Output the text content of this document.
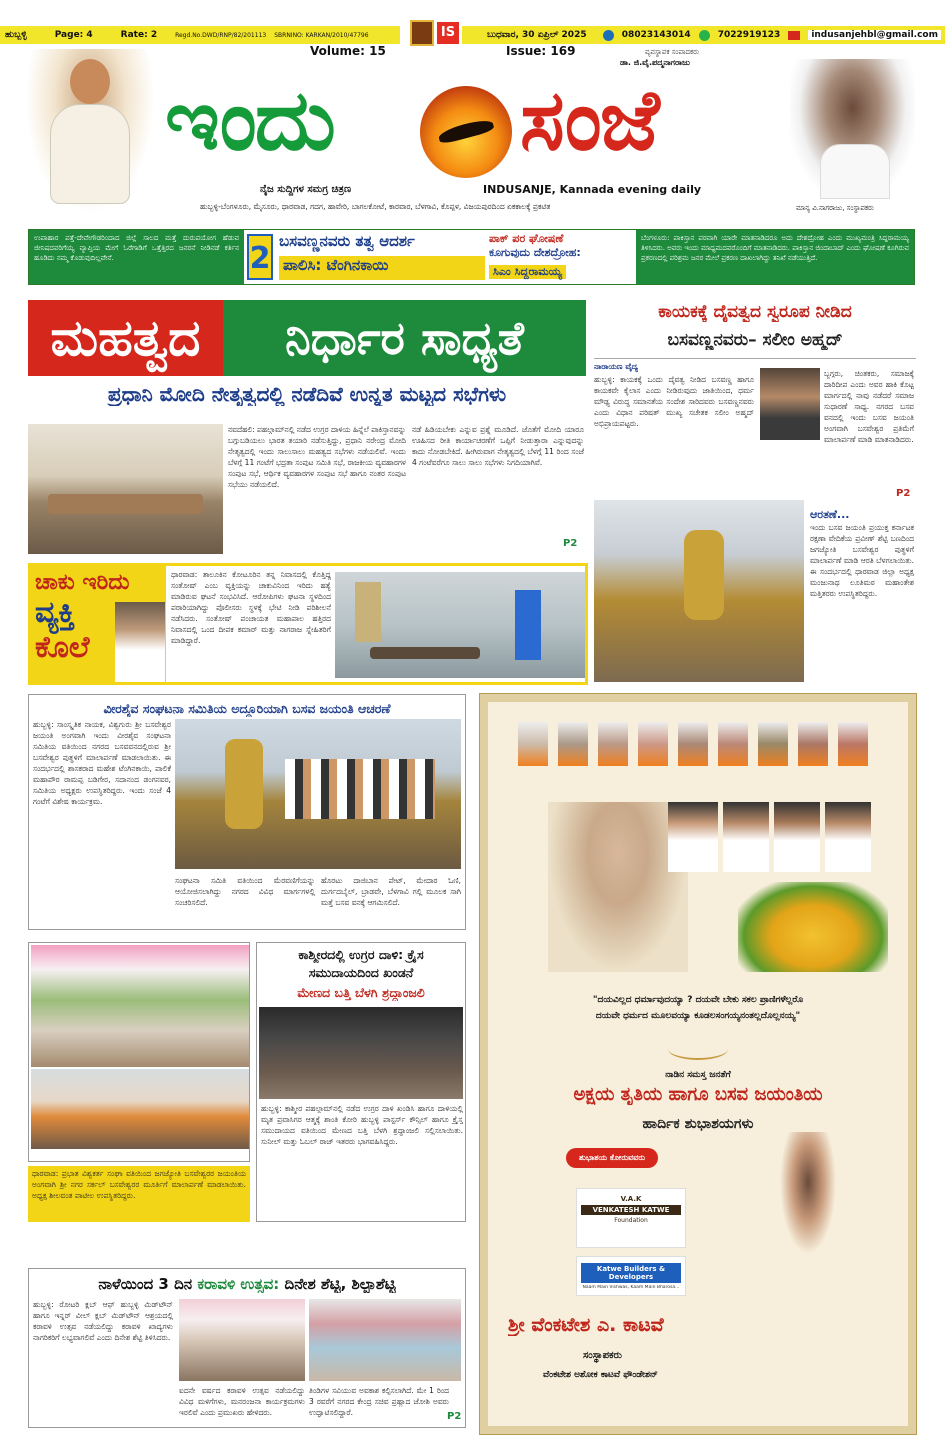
ಹುಬ್ಬಳ್ಳಿ	Page: 4	Rate: 2	Regd.No.DWD/RNP/82/201113 SBRNINO: KARKAN/2010/47796	IS	ಬುಧವಾರ, 30 ಏಪ್ರಿಲ್ 2025	08023143014	7022919123	indusanjehbl@gmail.com
Volume: 15	Issue: 169	ವ್ಯವಸ್ಥಾಪಕ ಸಂಪಾದಕರು
ಡಾ. ಜಿ.ವೈ.ಪದ್ಮನಾಗರಾಜು
ಇಂದು ಸಂಜೆ
ನೈಜ ಸುದ್ದಿಗಳ ಸಮಗ್ರ ಚಿತ್ರಣ	INDUSANJE, Kannada evening daily
ಹುಬ್ಬಳ್ಳಿ-ಬೆಂಗಳೂರು, ಮೈಸೂರು, ಧಾರವಾಡ, ಗದಗ, ಹಾವೇರಿ, ಬಾಗಲಕೋಟೆ, ಕಾರವಾರ, ಬೆಳಗಾವಿ, ಕೊಪ್ಪಳ, ವಿಜಯಪುರದಿಂದ ಏಕಕಾಲಕ್ಕೆ ಪ್ರಕಟಿತ	ಮಾನ್ಯ ವಿ.ನಾಗರಾಜು, ಸಂಸ್ಥಾಪಕರು
ಉಪಾಹಾರ ಪತ್ತೆ-ದೇವೇಗೌಡರಿಂದಾದ ಜಿಲ್ಲೆ ಸಾಲದ ಮತ್ತೆ ದುರುಪಯೋಗ ಹೆಡುವ ಜೀನಿಷದವರಿಗೆಯ್ಯ ವ್ಯಾಪ್ತಿಯ ಮೇಗೆ ಓರೆಗಾಡಿಗೆ ಒತ್ತೆತ್ತಿರದ ಜನರನೆ ನೀಡಿನಡೆ ಕರ್ತಿನ ಹೂಡಿದು ನಮ್ಮ ಕೊಡುವುದಿಲ್ಲವೇನೆ.	2 ಬಸವಣ್ಣನವರು ತತ್ವ ಆದರ್ಶ
ಪಾಲಿಸಿ: ಟೆಂಗಿನಕಾಯಿ
ಪಾಕ್ ಪರ ಘೋಷಣೆ
ಕೂಗುವುದು ದೇಶದ್ರೋಹ:
ಸಿಎಂ ಸಿದ್ದರಾಮಯ್ಯ
ಬೆಂಗಳೂರು: ಪಾಕಿಸ್ತಾನ ಪರವಾಗಿ ಯಾರೇ ಮಾತನಾಡಿದರೂ ಅದು ದೇಶದ್ರೋಹ ಎಂದು ಮುಖ್ಯಮಂತ್ರಿ ಸಿದ್ದರಾಮಯ್ಯ ತಿಳಿಸಿದರು. ಅವರು ಇಂದು ಮಾಧ್ಯಮದವರೊಂದಿಗೆ ಮಾತನಾಡಿದರು. ಪಾಕಿಸ್ತಾನ ಜಿಂದಾಬಾದ್ ಎಂದು ಘೋಷಣೆ ಕೂಗಿರುವ ಪ್ರಕರಣದಲ್ಲಿ ಪರಿಶ್ರಮ ಜನರ ಮೇಲೆ ಪ್ರಕರಣ ದಾಖಲಾಗಿದ್ದು ತನಿಖೆ ನಡೆಯುತ್ತಿದೆ.
ಮಹತ್ವದ	ನಿರ್ಧಾರ ಸಾಧ್ಯತೆ
ಪ್ರಧಾನಿ ಮೋದಿ ನೇತೃತ್ವದಲ್ಲಿ ನಡೆದಿವೆ ಉನ್ನತ ಮಟ್ಟದ ಸಭೆಗಳು
ನವದೆಹಲಿ: ಪಹಲ್ಗಾಮ್‌ನಲ್ಲಿ ನಡೆದ ಉಗ್ರರ ದಾಳಿಯ ಹಿನ್ನೆಲೆ ಪಾಕಿಸ್ತಾನವನ್ನು ಬಗ್ಗುಬಡಿಯಲು ಭಾರತ ತಯಾರಿ ನಡೆಸುತ್ತಿದ್ದು, ಪ್ರಧಾನಿ ನರೇಂದ್ರ ಮೋದಿ ನೇತೃತ್ವದಲ್ಲಿ ಇಂದು ಸಾಲುಸಾಲು ಮಹತ್ವದ ಸಭೆಗಳು ನಡೆಯಲಿವೆ. ಇಂದು ಬೆಳಗ್ಗೆ 11 ಗಂಟೆಗೆ ಭದ್ರತಾ ಸಂಪುಟ ಸಮಿತಿ ಸಭೆ, ರಾಜಕೀಯ ವ್ಯವಹಾರಗಳ ಸಂಪುಟ ಸಭೆ, ಆರ್ಥಿಕ ವ್ಯವಹಾರಗಳ ಸಂಪುಟ ಸಭೆ ಹಾಗೂ ನಂತರ ಸಂಪುಟ ಸಭೆಯು ನಡೆಯಲಿದೆ.
ನಡೆ ಹಿಡಿಯಬೇಕು ಎನ್ನುವ ಪ್ರಶ್ನೆ ಮೂಡಿದೆ. ಜೊತೆಗೆ ಮೋದಿ ಯಾರೂ ಊಹಿಸದ ರೀತಿ ಕಾರ್ಯಾಚರಣೆಗೆ ಒಪ್ಪಿಗೆ ನೀಡುತ್ತಾರಾ ಎನ್ನುವುದನ್ನು ಕಾದು ನೋಡಬೇಕಿದೆ. ಹೀಗಿರುವಾಗ ನೇತೃತ್ವದಲ್ಲಿ ಬೆಳಗ್ಗೆ 11 ರಿಂದ ಸಂಜೆ 4 ಗಂಟೆವರೆಗೂ ಸಾಲು ಸಾಲು ಸಭೆಗಳು ನಿಗದಿಯಾಗಿವೆ.
P2
ಚಾಕು ಇರಿದು
ವ್ಯಕ್ತಿ
ಕೊಲೆ
ಧಾರವಾಡ: ತಾಲೂಕಿನ ಕೋಟೂರಿನ ತನ್ನ ನಿವಾಸದಲ್ಲಿ ಕೊತ್ತಿದ್ದ ಸಂತೋಷ್ ಎಂಬ ವ್ಯಕ್ತಿಯನ್ನು ಚಾಕುವಿನಿಂದ ಇರಿದು ಹತ್ಯೆ ಮಾಡಿರುವ ಘಟನೆ ಸಂಭವಿಸಿದೆ. ಆರೋಪಿಗಳು ಘಟನಾ ಸ್ಥಳದಿಂದ ಪರಾರಿಯಾಗಿದ್ದು ಪೊಲೀಸರು ಸ್ಥಳಕ್ಕೆ ಭೇಟಿ ನೀಡಿ ಪರಿಶೀಲನೆ ನಡೆಸಿದರು. ಸಂತೋಷ್ ಪಂಚಾಯತ ಮಹಾಪಾಲ ಹತ್ತಿರದ ನಿವಾಸದಲ್ಲಿ ಒಂದ ದೀಪಕ ಕಮಾರ್ ಮತ್ತು ನಾಗರಾಜ ಸ್ನೇಹಿತರಿಗೆ ಮಾಡಿದ್ದಾರೆ.
ಕಾಯಕಕ್ಕೆ ದೈವತ್ವದ ಸ್ವರೂಪ ನೀಡಿದ
ಬಸವಣ್ಣನವರು– ಸಲೀಂ ಅಹ್ಮದ್
ನಾರಾಯಣ ವೈದ್ಯ
ಹುಬ್ಬಳ್ಳಿ: ಕಾಯಕಕ್ಕೆ ಒಂದು ದೈವತ್ವ ನೀಡಿದ ಬಸವಣ್ಣ ಹಾಗೂ ಕಾಯಕವೇ ಕೈಲಾಸ ಎಂದು ನೀಡಿರುವುದು ಜಾತಿಯಿಂದ, ಧರ್ಮ ಮೌಢ್ಯ ವಿರುದ್ಧ ಸಮಾನತೆಯ ಸಂದೇಶ ಸಾರಿದವರು ಬಸವಣ್ಣನವರು ಎಂದು ವಿಧಾನ ಪರಿಷತ್ ಮುಖ್ಯ ಸಚೇತಕ ಸಲೀಂ ಅಹ್ಮದ್ ಅಭಿಪ್ರಾಯಪಟ್ಟರು.
ಬ್ಬಗ್ಗರು, ಚಿಂತಕರು, ಸಮಾಜಕ್ಕೆ ದಾರಿದೀಪ ಎಂದು ಅವರ ಹಾಕಿ ಕೊಟ್ಟ ಮಾರ್ಗದಲ್ಲಿ ನಾವು ನಡೆದರೆ ಸಮಾಜ ಸುಧಾರಣೆ ಸಾಧ್ಯ. ನಗರದ ಬಸವ ವನದಲ್ಲಿ ಇಂದು ಬಸವ ಜಯಂತಿ ಅಂಗವಾಗಿ ಬಸವೇಶ್ವರ ಪ್ರತಿಮೆಗೆ ಮಾಲಾರ್ಪಣೆ ಮಾಡಿ ಮಾತನಾಡಿದರು.
P2
ಆರತಣೆ...
ಇಂದು ಬಸವ ಜಯಂತಿ ಪ್ರಯುಕ್ತ ಕರ್ನಾಟಕ ರಕ್ಷಣಾ ವೇದಿಕೆಯ ಪ್ರವೀಣ್ ಶೆಟ್ಟಿ ಬಣದಿಂದ ಜಗಜ್ಯೋತಿ ಬಸವೇಶ್ವರ ಪುತ್ಥಳಿಗೆ ಮಾಲಾರ್ಪಣೆ ಮಾಡಿ ಆರತಿ ಬೆಳಗಲಾಯಿತು. ಈ ಸಂದರ್ಭದಲ್ಲಿ ಧಾರವಾಡ ಜಿಲ್ಲಾ ಅಧ್ಯಕ್ಷ ಮಂಜುನಾಥ ಲೂತಿಮಠ ಮಹಾಂತೇಶ ಮತ್ತಿತರರು ಉಪಸ್ಥಿತರಿದ್ದರು.
ವೀರಶೈವ ಸಂಘಟನಾ ಸಮಿತಿಯ ಅದ್ದೂರಿಯಾಗಿ ಬಸವ ಜಯಂತಿ ಆಚರಣೆ
ಹುಬ್ಬಳ್ಳಿ: ಸಾಂಸ್ಕೃತಿಕ ನಾಯಕ, ವಿಶ್ವಗುರು ಶ್ರೀ ಬಸವೇಶ್ವರ ಜಯಂತಿ ಅಂಗವಾಗಿ ಇಂದು ವೀರಶೈವ ಸಂಘಟನಾ ಸಮಿತಿಯ ವತಿಯಿಂದ ನಗರದ ಬಸವವನದಲ್ಲಿರುವ ಶ್ರೀ ಬಸವೇಶ್ವರ ಪುತ್ಥಳಿಗೆ ಮಾಲಾರ್ಪಣೆ ಮಾಡಲಾಯಿತು. ಈ ಸಂದರ್ಭದಲ್ಲಿ ಶಾಸಕರಾದ ಮಹೇಶ ಟೆಂಗಿನಕಾಯಿ, ಪಾಲಿಕೆ ಮಹಾಪೌರ ರಾಮಪ್ಪ ಬಡಿಗೇರ, ಸದಾನಂದ ಡಂಗನವರ, ಸಮಿತಿಯ ಅಧ್ಯಕ್ಷರು ಉಪಸ್ಥಿತರಿದ್ದರು. ಇಂದು ಸಂಜೆ 4 ಗಂಟೆಗೆ ವಿಶೇಷ ಕಾರ್ಯಕ್ರಮ.
ಸಂಘಟನಾ ಸಮಿತಿ ವತಿಯಿಂದ ಮೆರವಣಿಗೆಯನ್ನು ಆಯೋಜಿಸಲಾಗಿದ್ದು ನಗರದ ವಿವಿಧ ಮಾರ್ಗಗಳಲ್ಲಿ ಸಂಚರಿಸಲಿದೆ.
ಹೊರಟು ದಾಜಿಬಾನ ಪೇಟ್, ಮೇದಾರ ಓಣಿ, ದುರ್ಗದಬೈಲ್, ಬ್ರಾಡವೇ, ಬೆಳಗಾವಿ ಗಲ್ಲಿ ಮೂಲಕ ಸಾಗಿ ಮತ್ತೆ ಬಸವ ವನಕ್ಕೆ ಆಗಮಿಸಲಿದೆ.
ಧಾರವಾಡ: ಪ್ರಭಾತ ವಿಶ್ವಕರ್ತ ಸಂಘಾ ವತಿಯಿಂದ ಜಗಜ್ಯೋತಿ ಬಸವೇಶ್ವರರ ಜಯಂತಿಯ ಅಂಗವಾಗಿ ಶ್ರೀ ನಗರ ಸರ್ಕಲ್ ಬಸವೇಶ್ವರರ ಮೂರ್ತಿಗೆ ಮಾಲಾರ್ಪಣೆ ಮಾಡಲಾಯಿತು. ಅಧ್ಯಕ್ಷ ಶೀಲವಂತ ಪಾಟೀಲ ಉಪಸ್ಥಿತರಿದ್ದರು.
ಕಾಶ್ಮೀರದಲ್ಲಿ ಉಗ್ರರ ದಾಳಿ: ಕ್ರೈಸ
ಸಮುದಾಯದಿಂದ ಖಂಡನೆ
ಮೇಣದ ಬತ್ತಿ ಬೆಳಗಿ ಶ್ರದ್ಧಾಂಜಲಿ
ಹುಬ್ಬಳ್ಳಿ: ಕಾಶ್ಮೀರ ಪಹಲ್ಗಾಮ್‌ನಲ್ಲಿ ನಡೆದ ಉಗ್ರರ ದಾಳಿ ಖಂಡಿಸಿ ಹಾಗೂ ದಾಳಿಯಲ್ಲಿ ಮೃತ ಪ್ರವಾಸಿಗರ ಆತ್ಮಕ್ಕೆ ಶಾಂತಿ ಕೋರಿ ಹುಬ್ಬಳ್ಳಿ ಪಾಸ್ಟರ್ಸ್ ಕೌನ್ಸಿಲ್ ಹಾಗೂ ಕ್ರೈಸ್ತ ಸಮುದಾಯದ ವತಿಯಿಂದ ಮೇಣದ ಬತ್ತಿ ಬೆಳಗಿ ಶ್ರದ್ಧಾಂಜಲಿ ಸಲ್ಲಿಸಲಾಯಿತು. ಸುನೀಲ್ ಮತ್ತು ಓಬಲ್ ರಾಜ್ ಇತರರು ಭಾಗವಹಿಸಿದ್ದರು.
ನಾಳೆಯಿಂದ 3 ದಿನ ಕರಾವಳಿ ಉತ್ಸವ: ದಿನೇಶ ಶೆಟ್ಟಿ, ಶಿಲ್ಪಾಶೆಟ್ಟಿ
ಹುಬ್ಬಳ್ಳಿ: ರೋಟರಿ ಕ್ಲಬ್ ಆಫ್ ಹುಬ್ಬಳ್ಳಿ ಮಿಡ್‌ಟೌನ್ ಹಾಗೂ ಇನ್ನರ್ ವೀಲ್ ಕ್ಲಬ್ ಮಿಡ್‌ಟೌನ್ ಆಶ್ರಯದಲ್ಲಿ ಕರಾವಳಿ ಉತ್ಸವ ನಡೆಯಲಿದ್ದು ಕರಾವಳಿ ಖಾದ್ಯಗಳು ನಾಗರಿಕರಿಗೆ ಲಭ್ಯವಾಗಲಿವೆ ಎಂದು ದಿನೇಶ ಶೆಟ್ಟಿ ತಿಳಿಸಿದರು.
ಐದನೇ ವರ್ಷದ ಕರಾವಳಿ ಉತ್ಸವ ನಡೆಯಲಿದ್ದು ವಿವಿಧ ಮಳಿಗೆಗಳು, ಮನರಂಜನಾ ಕಾರ್ಯಕ್ರಮಗಳು ಇರಲಿವೆ ಎಂದು ಪ್ರಮುಖರು ಹೇಳಿದರು.
ತಿಂಡಿಗಳ ಸವಿಯುವ ಅವಕಾಶ ಕಲ್ಪಿಸಲಾಗಿದೆ. ಮೇ 1 ರಿಂದ 3 ರವರೆಗೆ ನಗರದ ಕೇಂದ್ರ ಸಚಿವ ಪ್ರಹ್ಲಾದ ಜೋಶಿ ಅವರು ಉದ್ಘಾಟಿಸಲಿದ್ದಾರೆ.	P2
"ದಯವಿಲ್ಲದ ಧರ್ಮಾವುದಯ್ಯಾ ? ದಯವೇ ಬೇಕು ಸಕಲ ಪ್ರಾಣಿಗಳೆಲ್ಲರೊ
ದಯವೇ ಧರ್ಮದ ಮೂಲವಯ್ಯಾ ಕೂಡಲಸಂಗಯ್ಯನಂತಲ್ಲದೊಲ್ಲನಯ್ಯ"
ನಾಡಿನ ಸಮಸ್ತ ಜನತೆಗೆ
ಅಕ್ಷಯ ತೃತಿಯ ಹಾಗೂ ಬಸವ ಜಯಂತಿಯ
ಹಾರ್ದಿಕ ಶುಭಾಶಯಗಳು
ಶುಭಾಶಯ ಕೋರುವವರು
V.A.K
VENKATESH KATWE
Foundation
Katwe Builders & Developers
Naam Main Vishwas, Kaam Main Bharosa...
ಶ್ರೀ ವೆಂಕಟೇಶ ಎ. ಕಾಟವೆ
ಸಂಸ್ಥಾಪಕರು
ವೆಂಕಟೇಶ ಅಶೋಕ ಕಾಟವೆ ಫೌಂಡೇಶನ್
